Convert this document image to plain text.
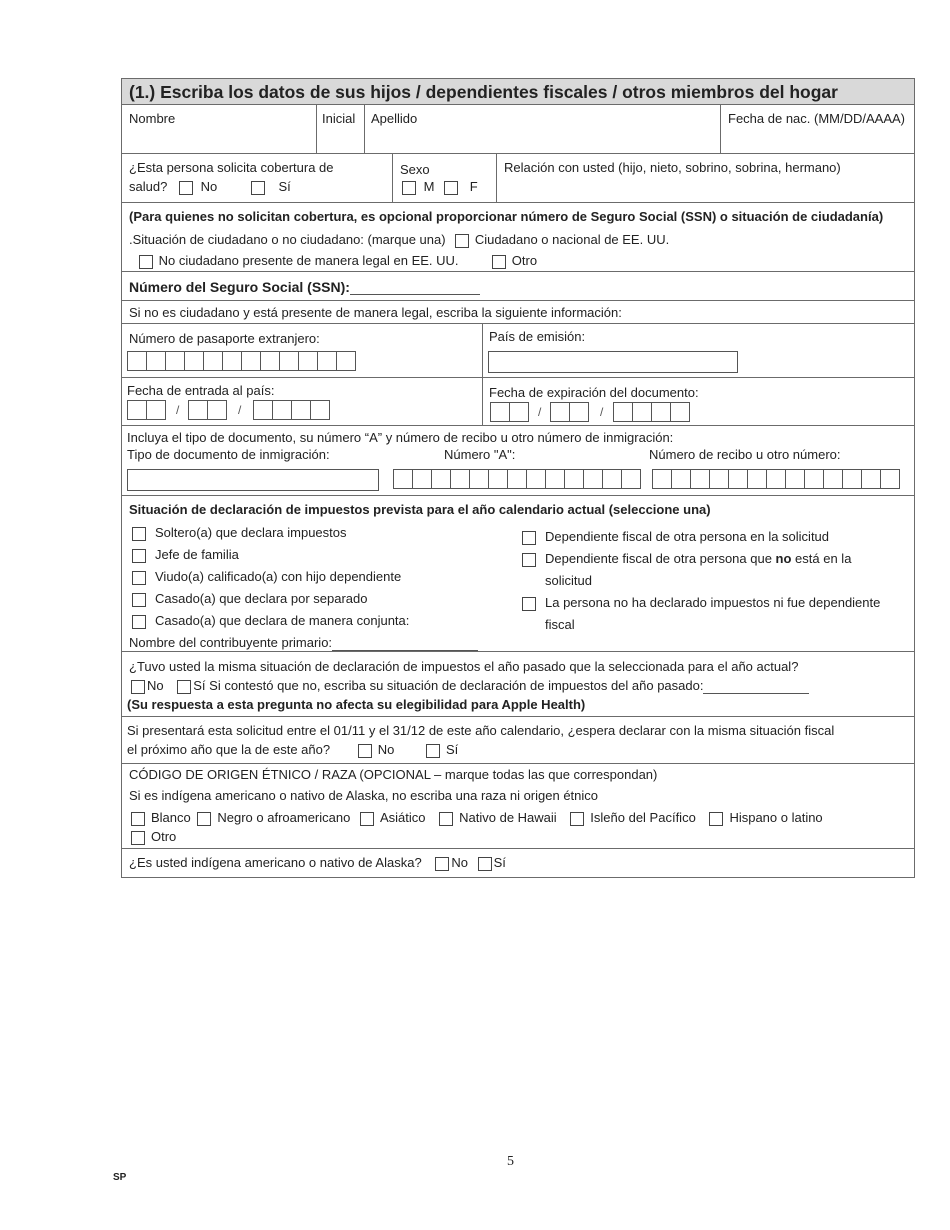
(1.) Escriba los datos de sus hijos / dependientes fiscales / otros miembros del hogar
Nombre	Inicial Apellido	Fecha de nac. (MM/DD/AAAA)
¿Esta persona solicita cobertura de
salud?	No	Sí
Sexo
M	F
Relación con usted (hijo, nieto, sobrino, sobrina, hermano)
(Para quienes no solicitan cobertura, es opcional proporcionar número de Seguro Social (SSN) o situación de ciudadanía)
.Situación de ciudadano o no ciudadano: (marque una) Ciudadano o nacional de EE. UU.
No ciudadano presente de manera legal en EE. UU.	Otro
Número del Seguro Social (SSN):
Si no es ciudadano y está presente de manera legal, escriba la siguiente información:
Número de pasaporte extranjero:	País de emisión:
Fecha de entrada al país:
/	/
Fecha de expiración del documento:
/	/
Incluya el tipo de documento, su número “A” y número de recibo u otro número de inmigración:
Tipo de documento de inmigración:	Número "A":	Número de recibo u otro número:
Situación de declaración de impuestos prevista para el año calendario actual (seleccione una)
Soltero(a) que declara impuestos
Jefe de familia
Viudo(a) calificado(a) con hijo dependiente
Casado(a) que declara por separado
Casado(a) que declara de manera conjunta:
Nombre del contribuyente primario:
Dependiente fiscal de otra persona en la solicitud
Dependiente fiscal de otra persona que no está en la
solicitud
La persona no ha declarado impuestos ni fue dependiente
fiscal
¿Tuvo usted la misma situación de declaración de impuestos el año pasado que la seleccionada para el año actual?
No Sí Si contestó que no, escriba su situación de declaración de impuestos del año pasado:
(Su respuesta a esta pregunta no afecta su elegibilidad para Apple Health)
Si presentará esta solicitud entre el 01/11 y el 31/12 de este año calendario, ¿espera declarar con la misma situación fiscal
el próximo año que la de este año?	No	Sí
CÓDIGO DE ORIGEN ÉTNICO / RAZA (OPCIONAL – marque todas las que correspondan)
Si es indígena americano o nativo de Alaska, no escriba una raza ni origen étnico
Blanco Negro o afroamericano Asiático	Nativo de Hawaii	Isleño del Pacífico	Hispano o latino
Otro
¿Es usted indígena americano o nativo de Alaska? No Sí
5
SP
